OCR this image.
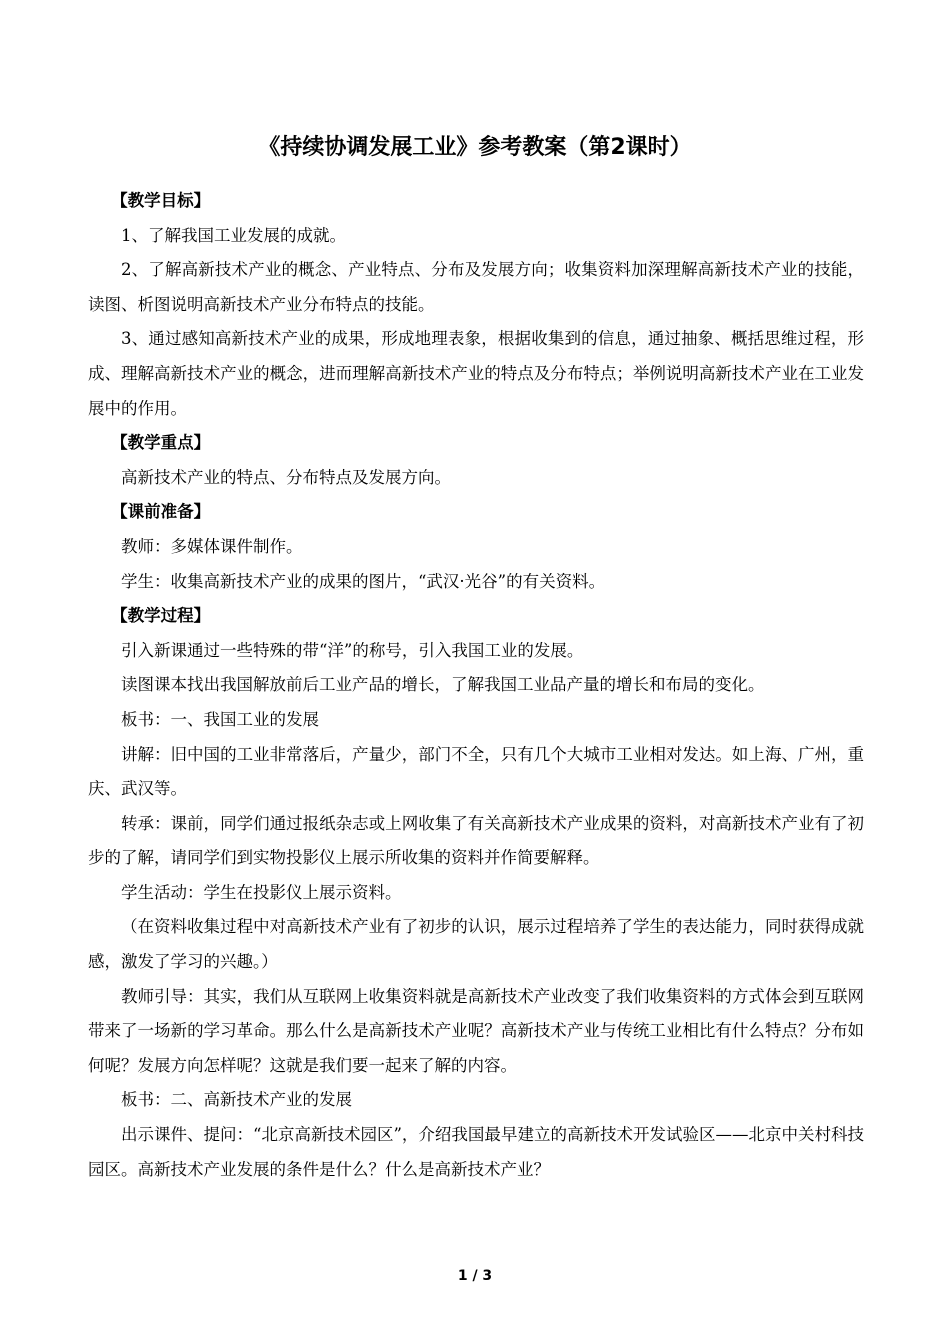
《持续协调发展工业》参考教案（第2课时）
【教学目标】

1、了解我国工业发展的成就。

2、了解高新技术产业的概念、产业特点、分布及发展方向；收集资料加深理解高新技术产业的技能，读图、析图说明高新技术产业分布特点的技能。

3、通过感知高新技术产业的成果，形成地理表象，根据收集到的信息，通过抽象、概括思维过程，形成、理解高新技术产业的概念，进而理解高新技术产业的特点及分布特点；举例说明高新技术产业在工业发展中的作用。

【教学重点】

高新技术产业的特点、分布特点及发展方向。

【课前准备】

教师：多媒体课件制作。

学生：收集高新技术产业的成果的图片，“武汉·光谷”的有关资料。

【教学过程】

引入新课通过一些特殊的带“洋”的称号，引入我国工业的发展。

读图课本找出我国解放前后工业产品的增长，了解我国工业品产量的增长和布局的变化。

板书：一、我国工业的发展

讲解：旧中国的工业非常落后，产量少，部门不全，只有几个大城市工业相对发达。如上海、广州，重庆、武汉等。

转承：课前，同学们通过报纸杂志或上网收集了有关高新技术产业成果的资料，对高新技术产业有了初步的了解，请同学们到实物投影仪上展示所收集的资料并作简要解释。

学生活动：学生在投影仪上展示资料。

（在资料收集过程中对高新技术产业有了初步的认识，展示过程培养了学生的表达能力，同时获得成就感，激发了学习的兴趣。）

教师引导：其实，我们从互联网上收集资料就是高新技术产业改变了我们收集资料的方式体会到互联网带来了一场新的学习革命。那么什么是高新技术产业呢？高新技术产业与传统工业相比有什么特点？分布如何呢？发展方向怎样呢？这就是我们要一起来了解的内容。

板书：二、高新技术产业的发展

出示课件、提问：“北京高新技术园区”，介绍我国最早建立的高新技术开发试验区——北京中关村科技园区。高新技术产业发展的条件是什么？什么是高新技术产业？

1 / 3
